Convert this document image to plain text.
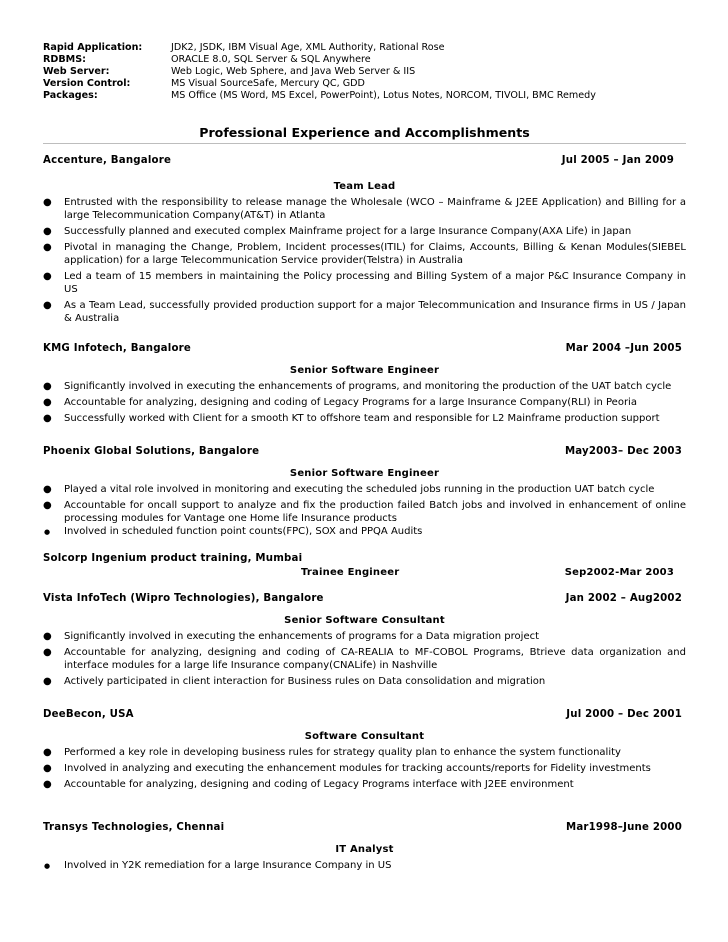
Rapid Application:	JDK2, JSDK, IBM Visual Age, XML Authority, Rational Rose
RDBMS:	ORACLE 8.0, SQL Server & SQL Anywhere
Web Server:	Web Logic, Web Sphere, and Java Web Server & IIS
Version Control:	MS Visual SourceSafe, Mercury QC, GDD
Packages:	MS Office (MS Word, MS Excel, PowerPoint), Lotus Notes, NORCOM, TIVOLI, BMC Remedy
Professional Experience and Accomplishments
Accenture, Bangalore	Jul 2005 – Jan 2009
Team Lead
● Entrusted with the responsibility to release manage the Wholesale (WCO – Mainframe & J2EE Application) and Billing for a large Telecommunication Company(AT&T) in Atlanta
● Successfully planned and executed complex Mainframe project for a large Insurance Company(AXA Life) in Japan
● Pivotal in managing the Change, Problem, Incident processes(ITIL) for Claims, Accounts, Billing & Kenan Modules(SIEBEL application) for a large Telecommunication Service provider(Telstra) in Australia
● Led a team of 15 members in maintaining the Policy processing and Billing System of a major P&C Insurance Company in US
● As a Team Lead, successfully provided production support for a major Telecommunication and Insurance firms in US / Japan & Australia
KMG Infotech, Bangalore	Mar 2004 –Jun 2005
Senior Software Engineer
● Significantly involved in executing the enhancements of programs, and monitoring the production of the UAT batch cycle
● Accountable for analyzing, designing and coding of Legacy Programs for a large Insurance Company(RLI) in Peoria
● Successfully worked with Client for a smooth KT to offshore team and responsible for L2 Mainframe production support
Phoenix Global Solutions, Bangalore	May2003– Dec 2003
Senior Software Engineer
● Played a vital role involved in monitoring and executing the scheduled jobs running in the production UAT batch cycle
● Accountable for oncall support to analyze and fix the production failed Batch jobs and involved in enhancement of online processing modules for Vantage one Home life Insurance products
● Involved in scheduled function point counts(FPC), SOX and PPQA Audits
Solcorp Ingenium product training, Mumbai
Trainee Engineer	Sep2002-Mar 2003
Vista InfoTech (Wipro Technologies), Bangalore	Jan 2002 – Aug2002
Senior Software Consultant
● Significantly involved in executing the enhancements of programs for a Data migration project
● Accountable for analyzing, designing and coding of CA-REALIA to MF-COBOL Programs, Btrieve data organization and interface modules for a large life Insurance company(CNALife) in Nashville
● Actively participated in client interaction for Business rules on Data consolidation and migration
DeeBecon, USA	Jul 2000 – Dec 2001
Software Consultant
● Performed a key role in developing business rules for strategy quality plan to enhance the system functionality
● Involved in analyzing and executing the enhancement modules for tracking accounts/reports for Fidelity investments
● Accountable for analyzing, designing and coding of Legacy Programs interface with J2EE environment
Transys Technologies, Chennai	Mar1998–June 2000
IT Analyst
● Involved in Y2K remediation for a large Insurance Company in US
